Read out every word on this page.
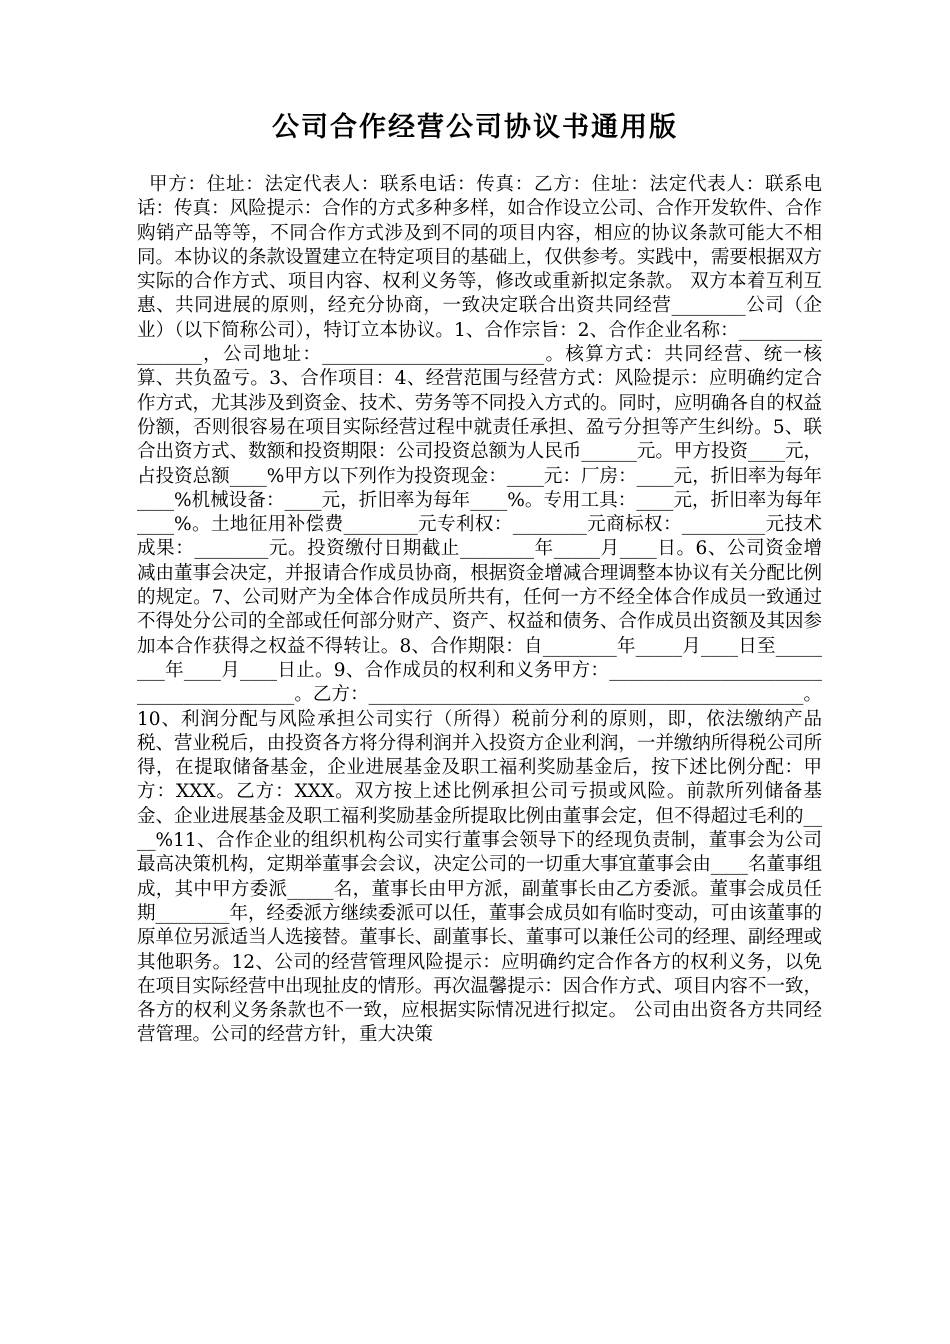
公司合作经营公司协议书通用版

甲方：住址：法定代表人：联系电话：传真：乙方：住址：法定代表人：联系电话：传真：风险提示：合作的方式多种多样，如合作设立公司、合作开发软件、合作购销产品等等，不同合作方式涉及到不同的项目内容，相应的协议条款可能大不相同。本协议的条款设置建立在特定项目的基础上，仅供参考。实践中，需要根据双方实际的合作方式、项目内容、权利义务等，修改或重新拟定条款。 双方本着互利互惠、共同进展的原则，经充分协商，一致决定联合出资共同经营________公司（企业）（以下简称公司），特订立本协议。1、合作宗旨：2、合作企业名称：________________，公司地址：________________________。核算方式：共同经营、统一核算、共负盈亏。3、合作项目：4、经营范围与经营方式：风险提示：应明确约定合作方式，尤其涉及到资金、技术、劳务等不同投入方式的。同时，应明确各自的权益份额，否则很容易在项目实际经营过程中就责任承担、盈亏分担等产生纠纷。5、联合出资方式、数额和投资期限：公司投资总额为人民币______元。甲方投资____元，占投资总额____%甲方以下列作为投资现金：____元：厂房：____元，折旧率为每年____%机械设备：____元，折旧率为每年____%。专用工具：____元，折旧率为每年____%。土地征用补偿费________元专利权：________元商标权：_________元技术成果：________元。投资缴付日期截止________年_____月____日。6、公司资金增减由董事会决定，并报请合作成员协商，根据资金增减合理调整本协议有关分配比例的规定。7、公司财产为全体合作成员所共有，任何一方不经全体合作成员一致通过不得处分公司的全部或任何部分财产、资产、权益和债务、合作成员出资额及其因参加本合作获得之权益不得转让。8、合作期限：自________年_____月____日至________年____月____日止。9、合作成员的权利和义务甲方：________________________________________。乙方：_______________________________________________。10、利润分配与风险承担公司实行（所得）税前分利的原则，即，依法缴纳产品税、营业税后，由投资各方将分得利润并入投资方企业利润，一并缴纳所得税公司所得，在提取储备基金，企业进展基金及职工福利奖励基金后，按下述比例分配：甲方：XXX。乙方：XXX。双方按上述比例承担公司亏损或风险。前款所列储备基金、企业进展基金及职工福利奖励基金所提取比例由董事会定，但不得超过毛利的____%11、合作企业的组织机构公司实行董事会领导下的经现负责制，董事会为公司最高决策机构，定期举董事会会议，决定公司的一切重大事宜董事会由____名董事组成，其中甲方委派_____名，董事长由甲方派，副董事长由乙方委派。董事会成员任期________年，经委派方继续委派可以任，董事会成员如有临时变动，可由该董事的原单位另派适当人选接替。董事长、副董事长、董事可以兼任公司的经理、副经理或其他职务。12、公司的经营管理风险提示：应明确约定合作各方的权利义务，以免在项目实际经营中出现扯皮的情形。再次温馨提示：因合作方式、项目内容不一致，各方的权利义务条款也不一致，应根据实际情况进行拟定。 公司由出资各方共同经营管理。公司的经营方针，重大决策
